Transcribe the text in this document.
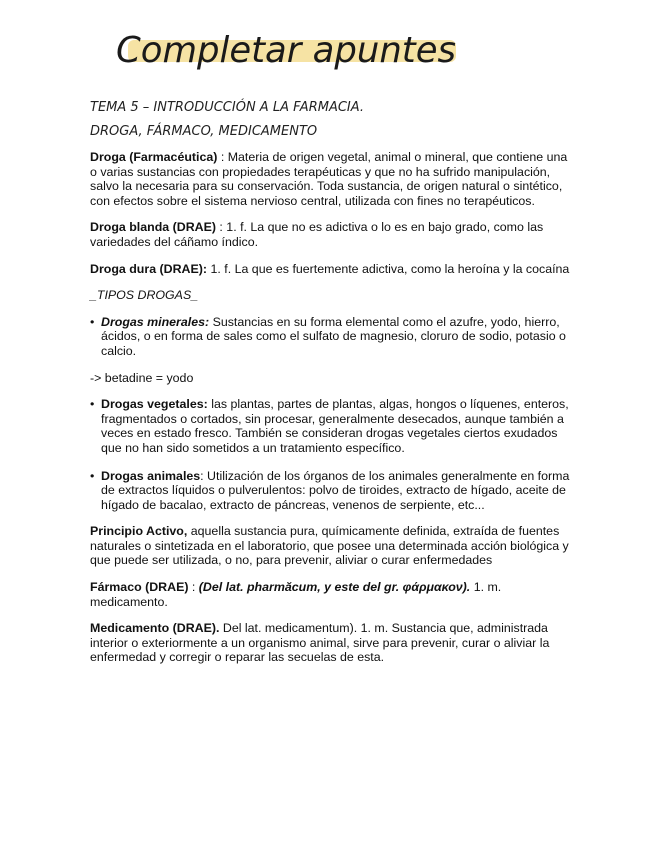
Completar apuntes
TEMA 5 – INTRODUCCIÓN A LA FARMACIA.
DROGA, FÁRMACO, MEDICAMENTO

Droga (Farmacéutica) : Materia de origen vegetal, animal o mineral, que contiene una o varias sustancias con propiedades terapéuticas y que no ha sufrido manipulación, salvo la necesaria para su conservación. Toda sustancia, de origen natural o sintético, con efectos sobre el sistema nervioso central, utilizada con fines no terapéuticos.

Droga blanda (DRAE) : 1. f. La que no es adictiva o lo es en bajo grado, como las variedades del cáñamo índico.

Droga dura (DRAE): 1. f. La que es fuertemente adictiva, como la heroína y la cocaína

_TIPOS DROGAS_
• Drogas minerales: Sustancias en su forma elemental como el azufre, yodo, hierro, ácidos, o en forma de sales como el sulfato de magnesio, cloruro de sodio, potasio o calcio.
-> betadine = yodo
• Drogas vegetales: las plantas, partes de plantas, algas, hongos o líquenes, enteros, fragmentados o cortados, sin procesar, generalmente desecados, aunque también a veces en estado fresco. También se consideran drogas vegetales ciertos exudados que no han sido sometidos a un tratamiento específico.
• Drogas animales: Utilización de los órganos de los animales generalmente en forma de extractos líquidos o pulverulentos: polvo de tiroides, extracto de hígado, aceite de hígado de bacalao, extracto de páncreas, venenos de serpiente, etc...

Principio Activo, aquella sustancia pura, químicamente definida, extraída de fuentes naturales o sintetizada en el laboratorio, que posee una determinada acción biológica y que puede ser utilizada, o no, para prevenir, aliviar o curar enfermedades

Fármaco (DRAE) : (Del lat. pharmăcum, y este del gr. φάρμακον). 1. m. medicamento.

Medicamento (DRAE). Del lat. medicamentum). 1. m. Sustancia que, administrada interior o exteriormente a un organismo animal, sirve para prevenir, curar o aliviar la enfermedad y corregir o reparar las secuelas de esta.
